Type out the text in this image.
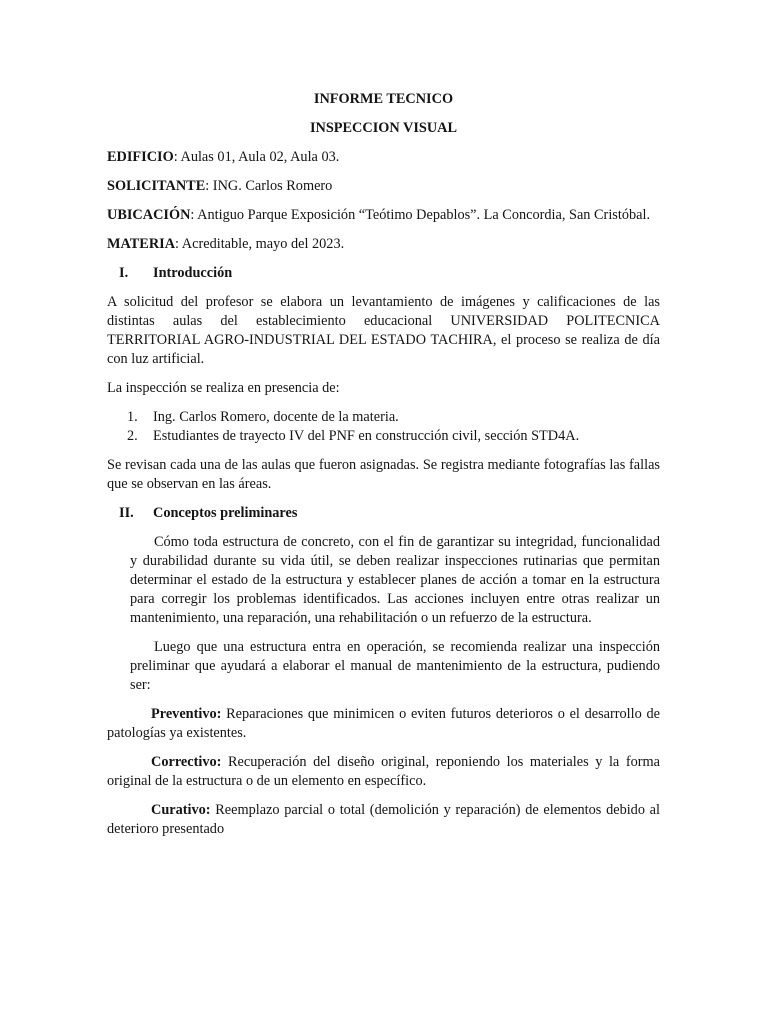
INFORME TECNICO

INSPECCION VISUAL

EDIFICIO: Aulas 01, Aula 02, Aula 03.

SOLICITANTE: ING. Carlos Romero

UBICACIÓN: Antiguo Parque Exposición “Teótimo Depablos”. La Concordia, San Cristóbal.

MATERIA: Acreditable, mayo del 2023.

I.	Introducción

A solicitud del profesor se elabora un levantamiento de imágenes y calificaciones de las distintas aulas del establecimiento educacional UNIVERSIDAD POLITECNICA TERRITORIAL AGRO-INDUSTRIAL DEL ESTADO TACHIRA, el proceso se realiza de día con luz artificial.

La inspección se realiza en presencia de:

1.	Ing. Carlos Romero, docente de la materia.
2.	Estudiantes de trayecto IV del PNF en construcción civil, sección STD4A.

Se revisan cada una de las aulas que fueron asignadas. Se registra mediante fotografías las fallas que se observan en las áreas.

II.	Conceptos preliminares

Cómo toda estructura de concreto, con el fin de garantizar su integridad, funcionalidad y durabilidad durante su vida útil, se deben realizar inspecciones rutinarias que permitan determinar el estado de la estructura y establecer planes de acción a tomar en la estructura para corregir los problemas identificados. Las acciones incluyen entre otras realizar un mantenimiento, una reparación, una rehabilitación o un refuerzo de la estructura.

Luego que una estructura entra en operación, se recomienda realizar una inspección preliminar que ayudará a elaborar el manual de mantenimiento de la estructura, pudiendo ser:

Preventivo: Reparaciones que minimicen o eviten futuros deterioros o el desarrollo de patologías ya existentes.

Correctivo: Recuperación del diseño original, reponiendo los materiales y la forma original de la estructura o de un elemento en específico.

Curativo: Reemplazo parcial o total (demolición y reparación) de elementos debido al deterioro presentado
